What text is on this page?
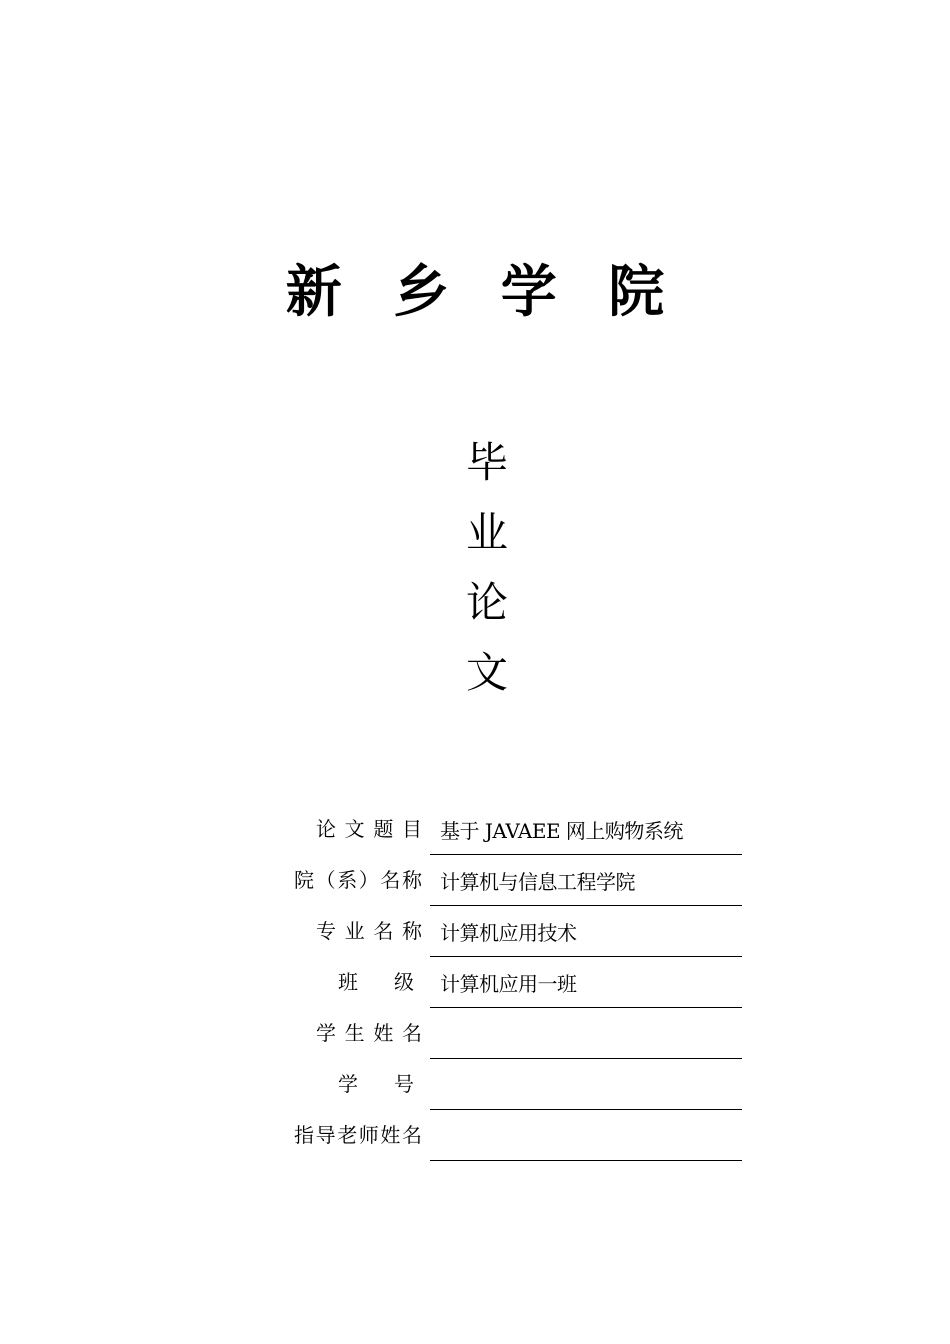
新 乡 学 院
毕
业
论
文
论 文 题 目 基于 JAVAEE 网上购物系统
院（系）名称 计算机与信息工程学院
专 业 名 称 计算机应用技术
班 级	计算机应用一班
学 生 姓 名
学 号
指导老师姓名
